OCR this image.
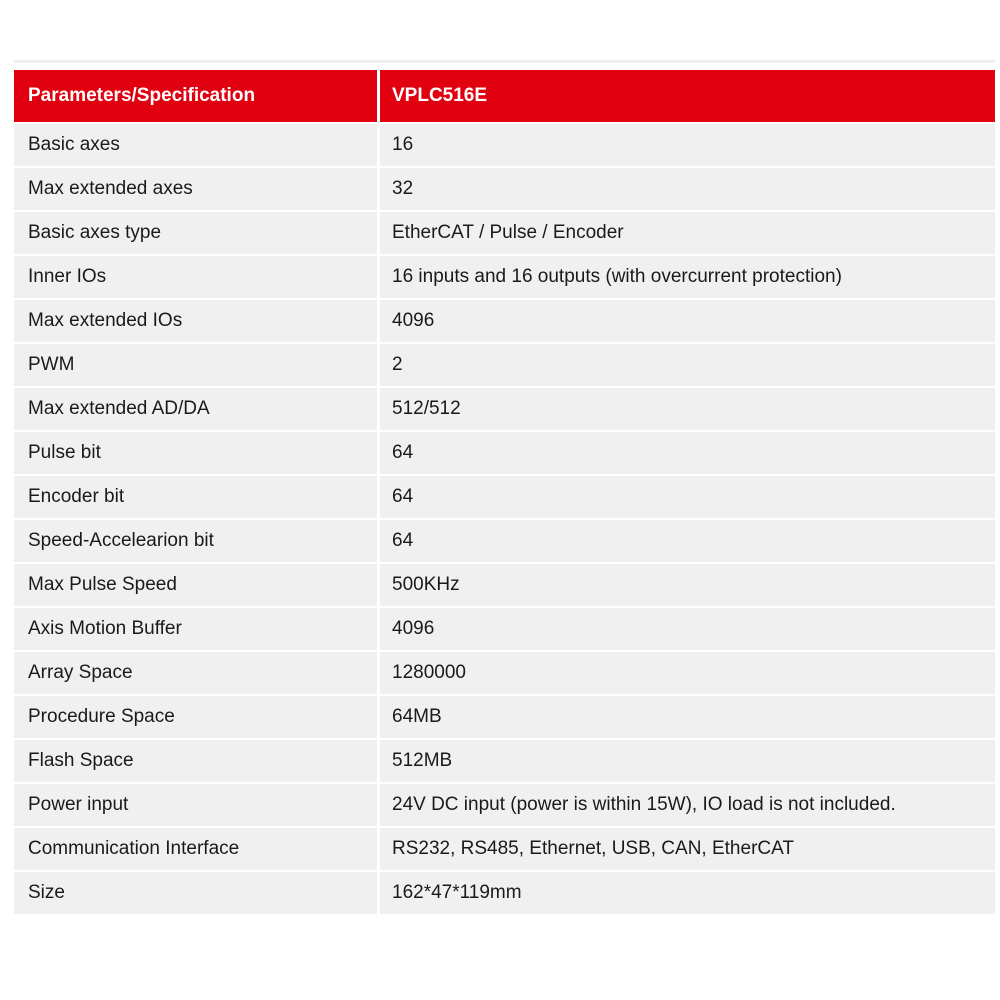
Parameters/Specification	VPLC516E
Basic axes	16
Max extended axes	32
Basic axes type	EtherCAT / Pulse / Encoder
Inner IOs	16 inputs and 16 outputs (with overcurrent protection)
Max extended IOs	4096
PWM	2
Max extended AD/DA	512/512
Pulse bit	64
Encoder bit	64
Speed-Accelearion bit	64
Max Pulse Speed	500KHz
Axis Motion Buffer	4096
Array Space	1280000
Procedure Space	64MB
Flash Space	512MB
Power input	24V DC input (power is within 15W), IO load is not included.
Communication Interface	RS232, RS485, Ethernet, USB, CAN, EtherCAT
Size	162*47*119mm
